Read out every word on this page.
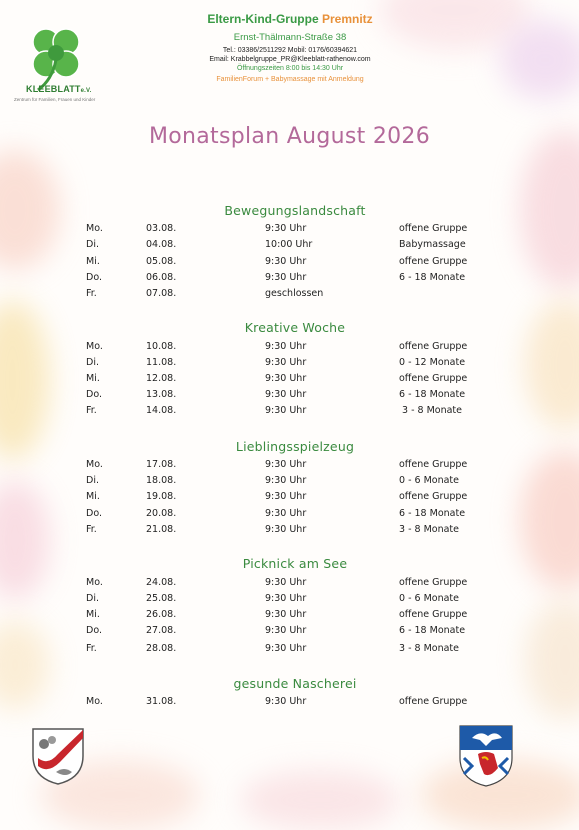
KLEEBLATTe.V.
Zentrum für Familien, Frauen und Kinder
Eltern-Kind-Gruppe Premnitz
Ernst-Thälmann-Straße 38
Tel.: 03386/2511292 Mobil: 0176/60394621
Email: Krabbelgruppe_PR@Kleeblatt-rathenow.com
Öffnungszeiten 8:00 bis 14:30 Uhr
FamilienForum + Babymassage mit Anmeldung
Monatsplan August 2026
Bewegungslandschaft
Mo.	03.08.	9:30 Uhr	offene Gruppe
Di.	04.08.	10:00 Uhr	Babymassage
Mi.	05.08.	9:30 Uhr	offene Gruppe
Do.	06.08.	9:30 Uhr	6 - 18 Monate
Fr.	07.08.	geschlossen
Kreative Woche
Mo.	10.08.	9:30 Uhr	offene Gruppe
Di.	11.08.	9:30 Uhr	0 - 12 Monate
Mi.	12.08.	9:30 Uhr	offene Gruppe
Do.	13.08.	9:30 Uhr	6 - 18 Monate
Fr.	14.08.	9:30 Uhr	3 - 8 Monate
Lieblingsspielzeug
Mo.	17.08.	9:30 Uhr	offene Gruppe
Di.	18.08.	9:30 Uhr	0 - 6 Monate
Mi.	19.08.	9:30 Uhr	offene Gruppe
Do.	20.08.	9:30 Uhr	6 - 18 Monate
Fr.	21.08.	9:30 Uhr	3 - 8 Monate
Picknick am See
Mo.	24.08.	9:30 Uhr	offene Gruppe
Di.	25.08.	9:30 Uhr	0 - 6 Monate
Mi.	26.08.	9:30 Uhr	offene Gruppe
Do.	27.08.	9:30 Uhr	6 - 18 Monate
Fr.	28.08.	9:30 Uhr	3 - 8 Monate
gesunde Nascherei
Mo.	31.08.	9:30 Uhr	offene Gruppe
